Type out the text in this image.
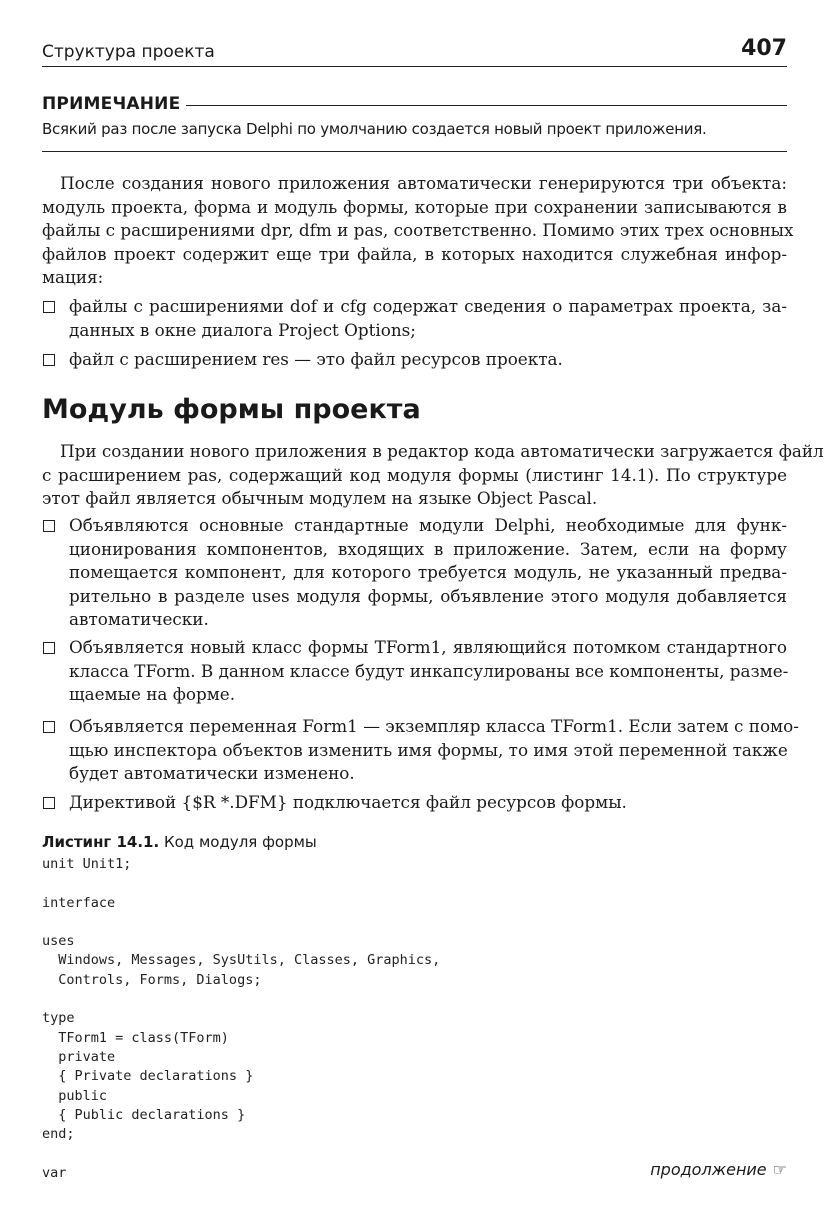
Структура проекта	407
ПРИМЕЧАНИЕ
Всякий раз после запуска Delphi по умолчанию создается новый проект приложения.
После создания нового приложения автоматически генерируются три объекта:
модуль проекта, форма и модуль формы, которые при сохранении записываются в
файлы с расширениями dpr, dfm и pas, соответственно. Помимо этих трех основных
файлов проект содержит еще три файла, в которых находится служебная инфор-
мация:
файлы с расширениями dof и cfg содержат сведения о параметрах проекта, за-
данных в окне диалога Project Options;
файл с расширением res — это файл ресурсов проекта.
Модуль формы проекта
При создании нового приложения в редактор кода автоматически загружается файл
с расширением pas, содержащий код модуля формы (листинг 14.1). По структуре
этот файл является обычным модулем на языке Object Pascal.
Объявляются основные стандартные модули Delphi, необходимые для функ-
ционирования компонентов, входящих в приложение. Затем, если на форму
помещается компонент, для которого требуется модуль, не указанный предва-
рительно в разделе uses модуля формы, объявление этого модуля добавляется
автоматически.
Объявляется новый класс формы TForm1, являющийся потомком стандартного
класса TForm. В данном классе будут инкапсулированы все компоненты, разме-
щаемые на форме.
Объявляется переменная Form1 — экземпляр класса TForm1. Если затем с помо-
щью инспектора объектов изменить имя формы, то имя этой переменной также
будет автоматически изменено.
Директивой {$R *.DFM} подключается файл ресурсов формы.
Листинг 14.1. Код модуля формы
unit Unit1;

interface

uses
Windows, Messages, SysUtils, Classes, Graphics,
Controls, Forms, Dialogs;

type
TForm1 = class(TForm)
private
{ Private declarations }
public
{ Public declarations }
end;

var	продолжение ☞
